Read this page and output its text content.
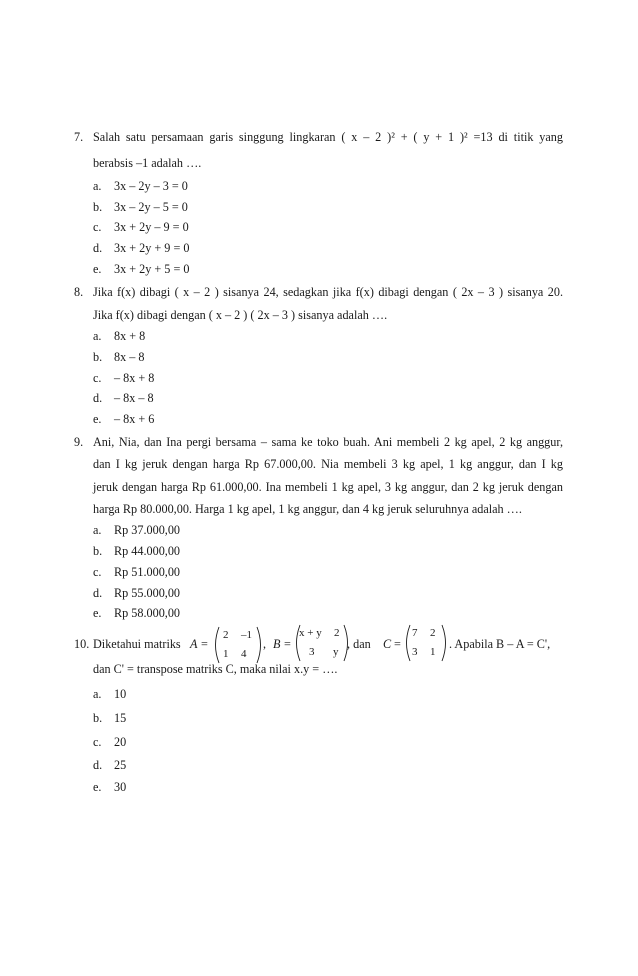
7. Salah satu persamaan garis singgung lingkaran ( x – 2 )² + ( y + 1 )² =13 di titik yang
berabsis –1 adalah ….
a. 3x – 2y – 3 = 0
b. 3x – 2y – 5 = 0
c. 3x + 2y – 9 = 0
d. 3x + 2y + 9 = 0
e. 3x + 2y + 5 = 0
8. Jika f(x) dibagi ( x – 2 ) sisanya 24, sedagkan jika f(x) dibagi dengan ( 2x – 3 ) sisanya 20.
Jika f(x) dibagi dengan ( x – 2 ) ( 2x – 3 ) sisanya adalah ….
a. 8x + 8
b. 8x – 8
c. – 8x + 8
d. – 8x – 8
e. – 8x + 6
9. Ani, Nia, dan Ina pergi bersama – sama ke toko buah. Ani membeli 2 kg apel, 2 kg anggur,
dan I kg jeruk dengan harga Rp 67.000,00. Nia membeli 3 kg apel, 1 kg anggur, dan I kg
jeruk dengan harga Rp 61.000,00. Ina membeli 1 kg apel, 3 kg anggur, dan 2 kg jeruk dengan
harga Rp 80.000,00. Harga 1 kg apel, 1 kg anggur, dan 4 kg jeruk seluruhnya adalah ….
a. Rp 37.000,00
b. Rp 44.000,00
c. Rp 51.000,00
d. Rp 55.000,00
e. Rp 58.000,00
10. Diketahui matriks A =
2 –1
1 4
, B =
x + y 2
3 y
, dan C =
7 2
3 1
. Apabila B – A = C',
dan C' = transpose matriks C, maka nilai x.y = ….
a. 10
b. 15
c. 20
d. 25
e. 30
